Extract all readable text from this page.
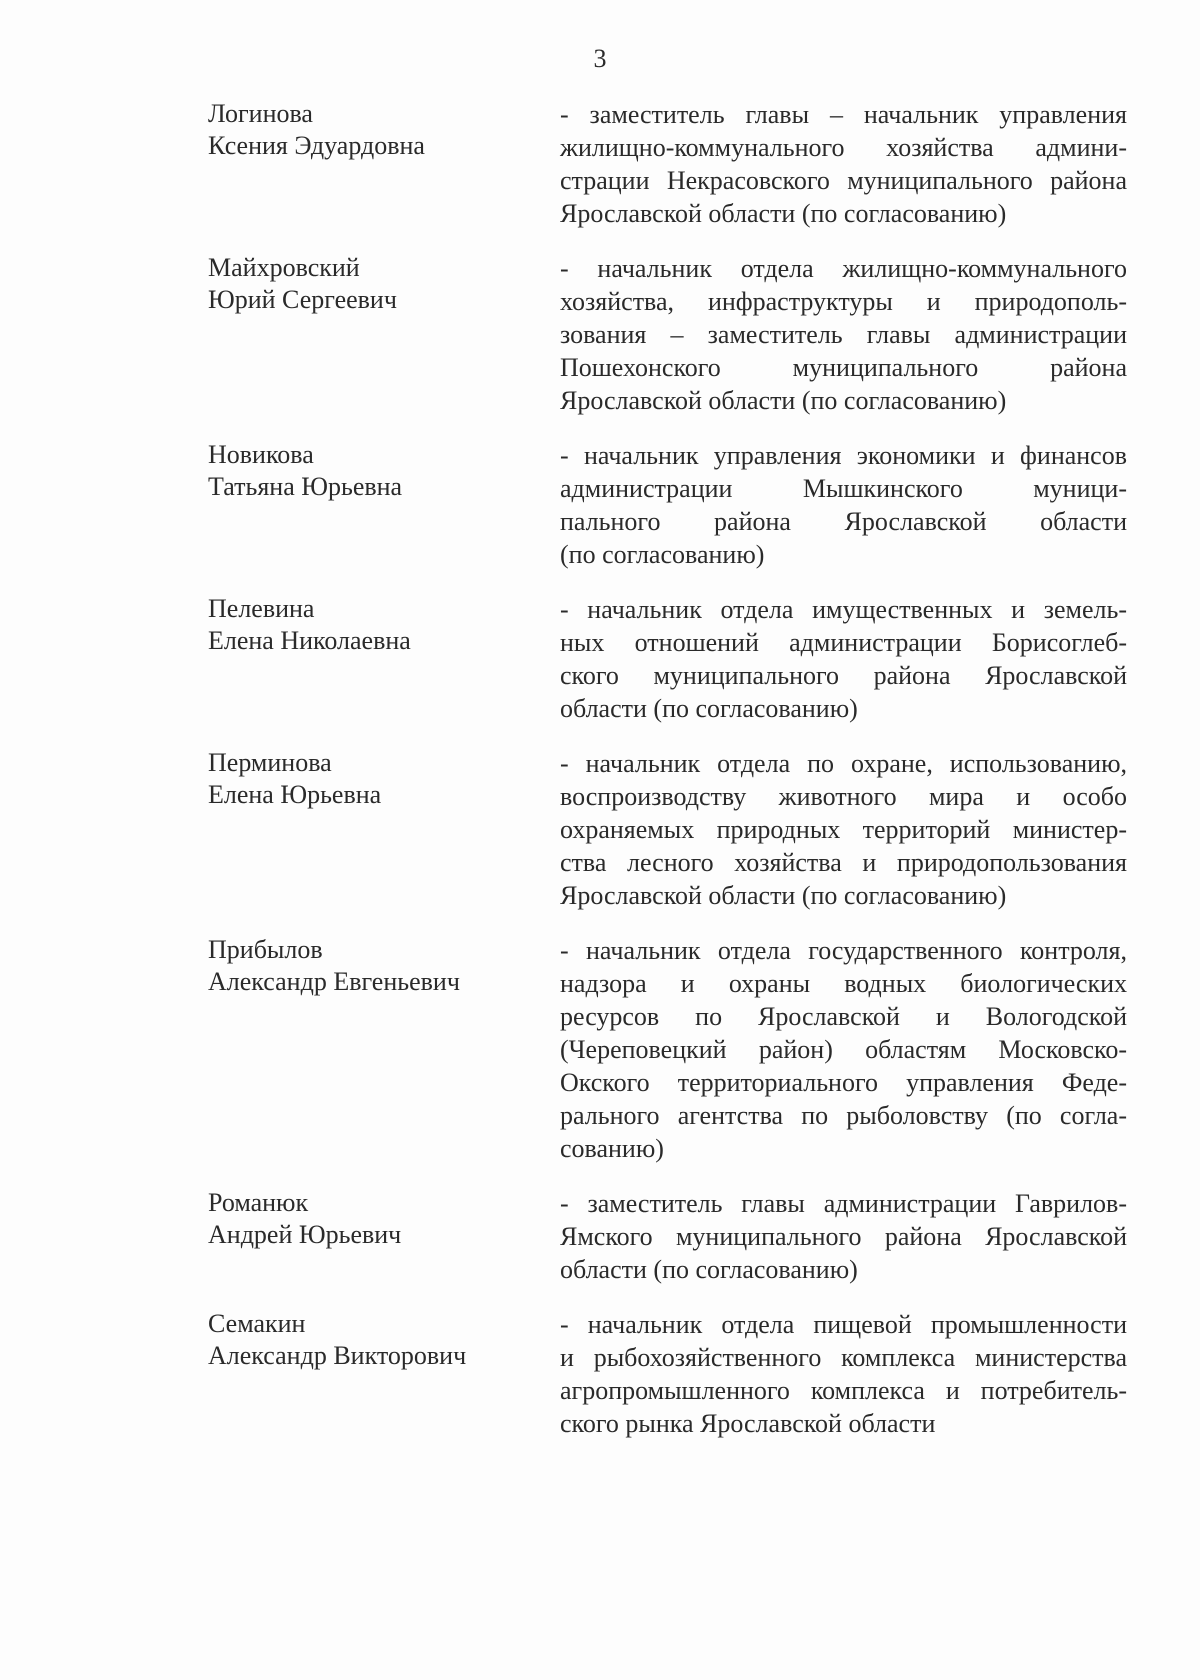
3
Логинова
Ксения Эдуардовна
- заместитель главы – начальник управления
жилищно-коммунального хозяйства админи-
страции Некрасовского муниципального района
Ярославской области (по согласованию)
Майхровский
Юрий Сергеевич
- начальник отдела жилищно-коммунального
хозяйства, инфраструктуры и природополь-
зования – заместитель главы администрации
Пошехонского муниципального района
Ярославской области (по согласованию)
Новикова
Татьяна Юрьевна
- начальник управления экономики и финансов
администрации Мышкинского муници-
пального района Ярославской области
(по согласованию)
Пелевина
Елена Николаевна
- начальник отдела имущественных и земель-
ных отношений администрации Борисоглеб-
ского муниципального района Ярославской
области (по согласованию)
Перминова
Елена Юрьевна
- начальник отдела по охране, использованию,
воспроизводству животного мира и особо
охраняемых природных территорий министер-
ства лесного хозяйства и природопользования
Ярославской области (по согласованию)
Прибылов
Александр Евгеньевич
- начальник отдела государственного контроля,
надзора и охраны водных биологических
ресурсов по Ярославской и Вологодской
(Череповецкий район) областям Московско-
Окского территориального управления Феде-
рального агентства по рыболовству (по согла-
сованию)
Романюк
Андрей Юрьевич
- заместитель главы администрации Гаврилов-
Ямского муниципального района Ярославской
области (по согласованию)
Семакин
Александр Викторович
- начальник отдела пищевой промышленности
и рыбохозяйственного комплекса министерства
агропромышленного комплекса и потребитель-
ского рынка Ярославской области
